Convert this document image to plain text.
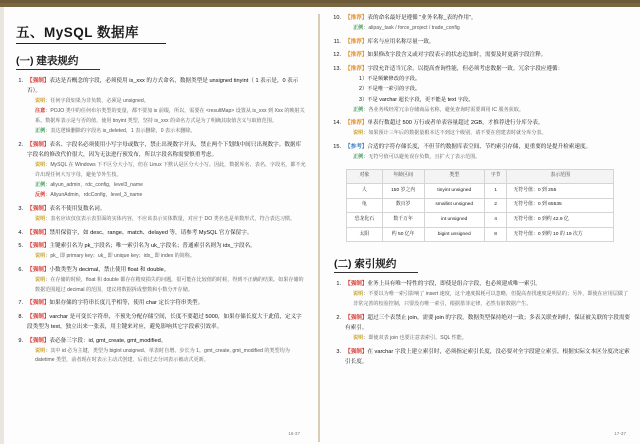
五、MySQL 数据库
(一) 建表规约
1. 【强制】表达是否概念的字段，必须使用 is_xxx 的方式命名，数据类型是 unsigned tinyint（ 1 表示是，0 表示否）。
说明：任何字段如果为非负数，必须是 unsigned。
注意：POJO 类中的任何布尔类型的变量，都不要加 is 前缀，所以，需要在 <resultMap> 设置从 is_xxx 到 Xxx 的映射关系。数据库表示是与否的值，使用 tinyint 类型，坚持 is_xxx 的命名方式是为了明确其取值含义与取值范围。
正例：表达逻辑删除的字段名 is_deleted，1 表示删除，0 表示未删除。
2. 【强制】表名、字段名必须使用小写字母或数字，禁止出现数字开头，禁止两个下划线中间只出现数字。数据库字段名的修改代价很大，因为无法进行预发布，所以字段名称需要慎重考虑。
说明：MySQL 在 Windows 下不区分大小写，但在 Linux 下默认是区分大小写。因此，数据库名、表名、字段名，都不允许出现任何大写字母，避免节外生枝。
正例：aliyun_admin，rdc_config，level3_name
反例：AliyunAdmin，rdcConfig，level_3_name
3. 【强制】表名不使用复数名词。
说明：表名应该仅仅表示表里面的实体内容，不应该表示实体数量，对应于 DO 类名也是单数形式，符合表达习惯。
4. 【强制】禁用保留字，如 desc、range、match、delayed 等，请参考 MySQL 官方保留字。
5. 【强制】主键索引名为 pk_字段名；唯一索引名为 uk_字段名；普通索引名则为 idx_字段名。
说明：pk_ 即 primary key；uk_ 即 unique key；idx_ 即 index 的简称。
6. 【强制】小数类型为 decimal，禁止使用 float 和 double。
说明：在存储的时候，float 和 double 都存在精度损失的问题，很可能在比较值的时候，得到不正确的结果。如果存储的数据范围超过 decimal 的范围，建议将数据拆成整数和小数分开存储。
7. 【强制】如果存储的字符串长度几乎相等，使用 char 定长字符串类型。
8. 【强制】varchar 是可变长字符串，不预先分配存储空间，长度不要超过 5000，如果存储长度大于此值，定义字段类型为 text，独立出来一张表，用主键来对应，避免影响其它字段索引效率。
9. 【强制】表必备三字段：id, gmt_create, gmt_modified。
说明：其中 id 必为主键，类型为 bigint unsigned、单表时自增、步长为 1。gmt_create, gmt_modified 的类型均为 datetime 类型，前者现在时表示主动式创建，后者过去分词表示被动式更新。
16-37
10. 【推荐】表的命名最好是遵循 “业务名称_表的作用”。
正例：alipay_task / force_project / trade_config
11. 【推荐】库名与应用名称尽量一致。
12. 【推荐】如果修改字段含义或对字段表示的状态追加时，需要及时更新字段注释。
13. 【推荐】字段允许适当冗余，以提高查询性能，但必须考虑数据一致。冗余字段应遵循：
1）不是频繁修改的字段。
2）不是唯一索引的字段。
3）不是 varchar 超长字段，更不能是 text 字段。
正例：各业务线经常冗余存储商品名称，避免查询时需要调用 IC 服务获取。
14. 【推荐】单表行数超过 500 万行或者单表容量超过 2GB，才推荐进行分库分表。
说明：如果预计三年后的数据量根本达不到这个级别，请不要在创建表时就分库分表。
15. 【参考】合适的字符存储长度，不但节约数据库表空间、节约索引存储，更重要的是提升检索速度。
正例：无符号值可以避免误存负数，且扩大了表示范围。
对象	年龄区间	类型	字节	表示范围
人	150 岁之内	tinyint unsigned	1	无符号值：0 到 255
龟	数百岁	smallint unsigned	2	无符号值：0 到 65535
恐龙化石	数千万年	int unsigned	4	无符号值：0 到约 42.9 亿
太阳	约 50 亿年	bigint unsigned	8	无符号值：0 到约 10 的 19 次方
(二) 索引规约
1. 【强制】业务上具有唯一特性的字段，即使是组合字段，也必须建成唯一索引。
说明：不要以为唯一索引影响了 insert 速度，这个速度损耗可以忽略，但提高查找速度是明显的；另外，即使在应用层做了非常完善的校验控制，只要没有唯一索引，根据墨菲定律，必然有脏数据产生。
2. 【强制】超过三个表禁止 join。需要 join 的字段，数据类型保持绝对一致；多表关联查询时，保证被关联的字段需要有索引。
说明：即使双表 join 也要注意表索引、SQL 性能。
3. 【强制】在 varchar 字段上建立索引时，必须指定索引长度，没必要对全字段建立索引，根据实际文本区分度决定索引长度。
17-37
